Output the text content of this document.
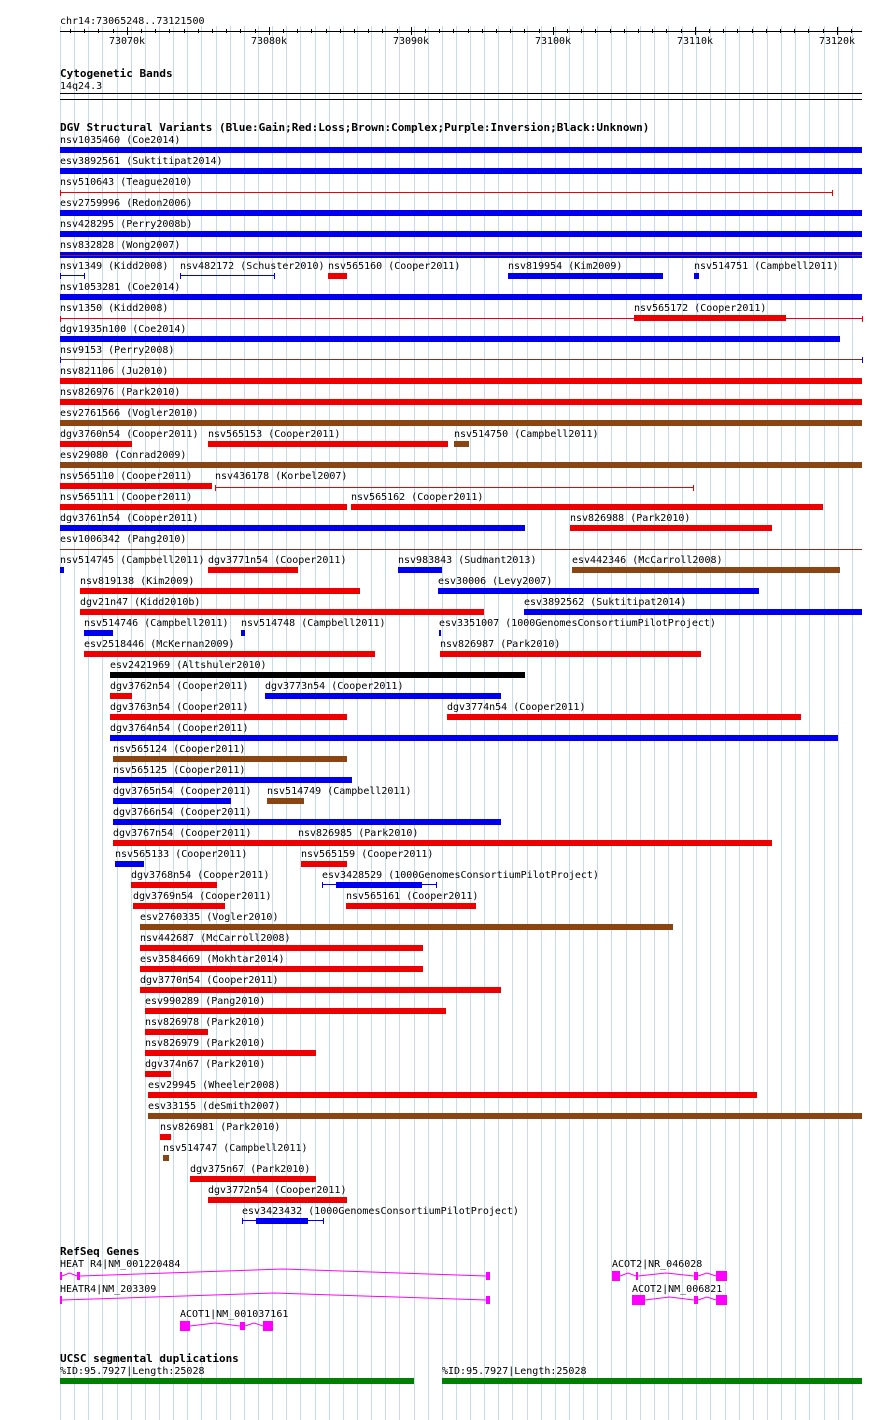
chr14:73065248..73121500
73070k	73080k	73090k	73100k	73110k	73120k
Cytogenetic Bands
14q24.3
DGV Structural Variants (Blue:Gain;Red:Loss;Brown:Complex;Purple:Inversion;Black:Unknown)
nsv1035460 (Coe2014)
esv3892561 (Suktitipat2014)
nsv510643 (Teague2010)
esv2759996 (Redon2006)
nsv428295 (Perry2008b)
nsv832828 (Wong2007)
nsv1349 (Kidd2008) nsv482172 (Schuster2010) nsv565160 (Cooper2011)	nsv819954 (Kim2009)	nsv514751 (Campbell2011)
nsv1053281 (Coe2014)
nsv1350 (Kidd2008)	nsv565172 (Cooper2011)
dgv1935n100 (Coe2014)
nsv9153 (Perry2008)
nsv821106 (Ju2010)
nsv826976 (Park2010)
esv2761566 (Vogler2010)
dgv3760n54 (Cooper2011) nsv565153 (Cooper2011)	nsv514750 (Campbell2011)
esv29080 (Conrad2009)
nsv565110 (Cooper2011) nsv436178 (Korbel2007)
nsv565111 (Cooper2011)	nsv565162 (Cooper2011)
dgv3761n54 (Cooper2011)	nsv826988 (Park2010)
esv1006342 (Pang2010)
nsv514745 (Campbell2011) dgv3771n54 (Cooper2011)	nsv983843 (Sudmant2013)	esv442346 (McCarroll2008)
nsv819138 (Kim2009)	esv30006 (Levy2007)
dgv21n47 (Kidd2010b)	esv3892562 (Suktitipat2014)
nsv514746 (Campbell2011) nsv514748 (Campbell2011)	esv3351007 (1000GenomesConsortiumPilotProject)
esv2518446 (McKernan2009)	nsv826987 (Park2010)
esv2421969 (Altshuler2010)
dgv3762n54 (Cooper2011) dgv3773n54 (Cooper2011)
dgv3763n54 (Cooper2011)	dgv3774n54 (Cooper2011)
dgv3764n54 (Cooper2011)
nsv565124 (Cooper2011)
nsv565125 (Cooper2011)
dgv3765n54 (Cooper2011) nsv514749 (Campbell2011)
dgv3766n54 (Cooper2011)
dgv3767n54 (Cooper2011)	nsv826985 (Park2010)
nsv565133 (Cooper2011)	nsv565159 (Cooper2011)
dgv3768n54 (Cooper2011)	esv3428529 (1000GenomesConsortiumPilotProject)
dgv3769n54 (Cooper2011)	nsv565161 (Cooper2011)
esv2760335 (Vogler2010)
nsv442687 (McCarroll2008)
esv3584669 (Mokhtar2014)
dgv3770n54 (Cooper2011)
esv990289 (Pang2010)
nsv826978 (Park2010)
nsv826979 (Park2010)
dgv374n67 (Park2010)
esv29945 (Wheeler2008)
esv33155 (deSmith2007)
nsv826981 (Park2010)
nsv514747 (Campbell2011)
dgv375n67 (Park2010)
dgv3772n54 (Cooper2011)
esv3423432 (1000GenomesConsortiumPilotProject)
RefSeq Genes
HEAT R4|NM_001220484
HEATR4|NM_203309
ACOT1|NM_001037161
ACOT2|NR_046028
ACOT2|NM_006821
UCSC segmental duplications
%ID:95.7927|Length:25028	%ID:95.7927|Length:25028
